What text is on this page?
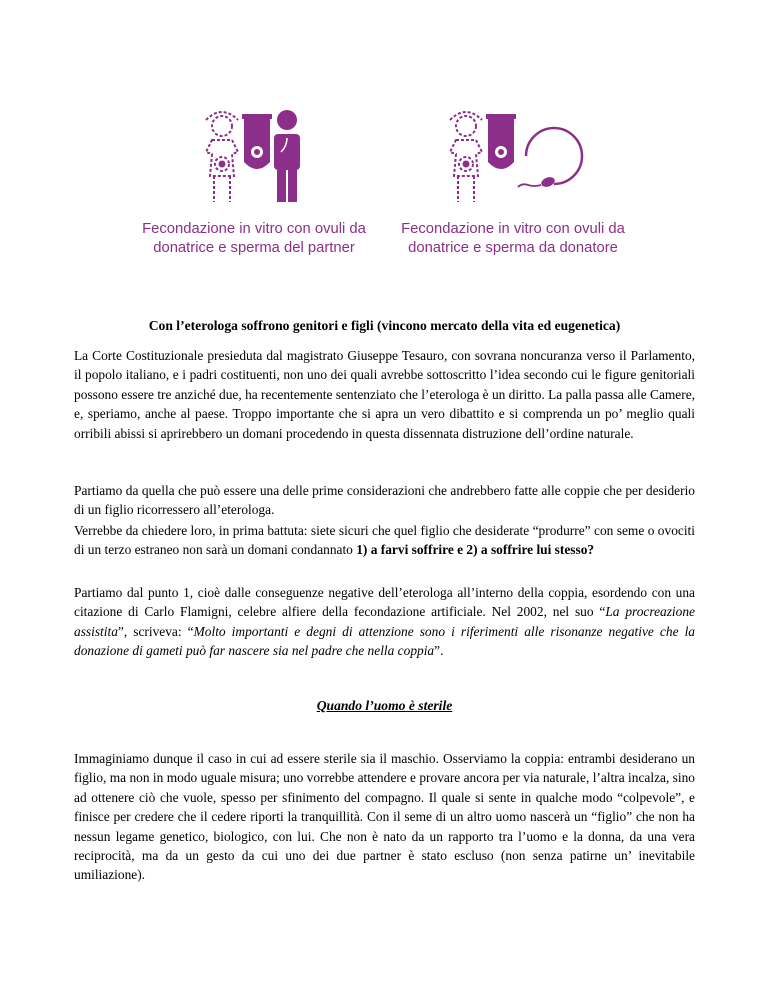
Fecondazione in vitro con ovuli da donatrice e sperma del partner
Fecondazione in vitro con ovuli da donatrice e sperma da donatore
Con l’eterologa soffrono genitori e figli (vincono mercato della vita ed eugenetica)

La Corte Costituzionale presieduta dal magistrato Giuseppe Tesauro, con sovrana noncuranza verso il Parlamento, il popolo italiano, e i padri costituenti, non uno dei quali avrebbe sottoscritto l’idea secondo cui le figure genitoriali possono essere tre anziché due, ha recentemente sentenziato che l’eterologa è un diritto. La palla passa alle Camere, e, speriamo, anche al paese. Troppo importante che si apra un vero dibattito e si comprenda un po’ meglio quali orribili abissi si aprirebbero un domani procedendo in questa dissennata distruzione dell’ordine naturale.

Partiamo da quella che può essere una delle prime considerazioni che andrebbero fatte alle coppie che per desiderio di un figlio ricorressero all’eterologa.

Verrebbe da chiedere loro, in prima battuta: siete sicuri che quel figlio che desiderate “produrre” con seme o ovociti di un terzo estraneo non sarà un domani condannato 1) a farvi soffrire e 2) a soffrire lui stesso?

Partiamo dal punto 1, cioè dalle conseguenze negative dell’eterologa all’interno della coppia, esordendo con una citazione di Carlo Flamigni, celebre alfiere della fecondazione artificiale. Nel 2002, nel suo “La procreazione assistita”, scriveva: “Molto importanti e degni di attenzione sono i riferimenti alle risonanze negative che la donazione di gameti può far nascere sia nel padre che nella coppia”.

Quando l’uomo è sterile

Immaginiamo dunque il caso in cui ad essere sterile sia il maschio. Osserviamo la coppia: entrambi desiderano un figlio, ma non in modo uguale misura; uno vorrebbe attendere e provare ancora per via naturale, l’altra incalza, sino ad ottenere ciò che vuole, spesso per sfinimento del compagno. Il quale si sente in qualche modo “colpevole”, e finisce per credere che il cedere riporti la tranquillità. Con il seme di un altro uomo nascerà un “figlio” che non ha nessun legame genetico, biologico, con lui. Che non è nato da un rapporto tra l’uomo e la donna, da una vera reciprocità, ma da un gesto da cui uno dei due partner è stato escluso (non senza patirne un’ inevitabile umiliazione).
